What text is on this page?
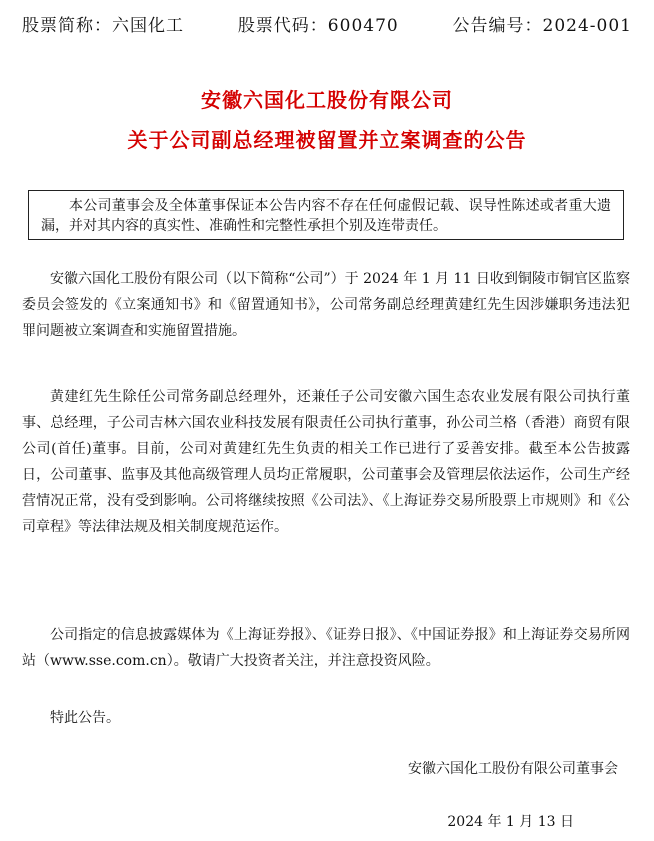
股票简称：六国化工	股票代码：600470	公告编号：2024-001
安徽六国化工股份有限公司
关于公司副总经理被留置并立案调查的公告
本公司董事会及全体董事保证本公告内容不存在任何虚假记载、误导性陈述或者重大遗漏，并对其内容的真实性、准确性和完整性承担个别及连带责任。
安徽六国化工股份有限公司（以下简称“公司”）于 2024 年 1 月 11 日收到铜陵市铜官区监察委员会签发的《立案通知书》和《留置通知书》，公司常务副总经理黄建红先生因涉嫌职务违法犯罪问题被立案调查和实施留置措施。
黄建红先生除任公司常务副总经理外，还兼任子公司安徽六国生态农业发展有限公司执行董事、总经理，子公司吉林六国农业科技发展有限责任公司执行董事，孙公司兰格（香港）商贸有限公司(首任)董事。目前，公司对黄建红先生负责的相关工作已进行了妥善安排。截至本公告披露日，公司董事、监事及其他高级管理人员均正常履职，公司董事会及管理层依法运作，公司生产经营情况正常，没有受到影响。公司将继续按照《公司法》、《上海证券交易所股票上市规则》和《公司章程》等法律法规及相关制度规范运作。
公司指定的信息披露媒体为《上海证券报》、《证券日报》、《中国证券报》和上海证券交易所网站（www.sse.com.cn）。敬请广大投资者关注，并注意投资风险。
特此公告。
安徽六国化工股份有限公司董事会
2024 年 1 月 13 日
